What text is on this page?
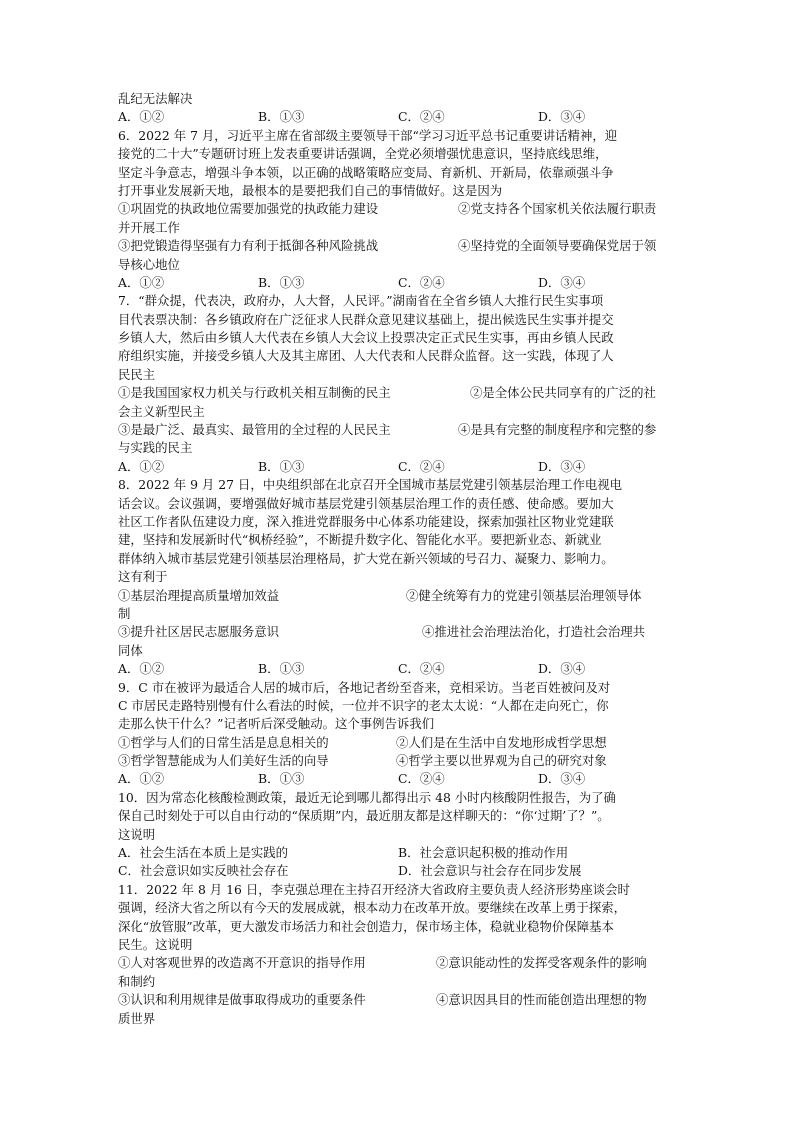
乱纪无法解决
A．①②	B．①③	C．②④	D．③④
6．2022 年 7 月，习近平主席在省部级主要领导干部“学习习近平总书记重要讲话精神，迎
接党的二十大”专题研讨班上发表重要讲话强调，全党必须增强忧患意识，坚持底线思维，
坚定斗争意志，增强斗争本领，以正确的战略策略应变局、育新机、开新局，依靠顽强斗争
打开事业发展新天地，最根本的是要把我们自己的事情做好。这是因为
①巩固党的执政地位需要加强党的执政能力建设	②党支持各个国家机关依法履行职责
并开展工作
③把党锻造得坚强有力有利于抵御各种风险挑战	④坚持党的全面领导要确保党居于领
导核心地位
A．①②	B．①③	C．②④	D．③④
7．“群众提，代表决，政府办，人大督，人民评。”湖南省在全省乡镇人大推行民生实事项
目代表票决制：各乡镇政府在广泛征求人民群众意见建议基础上，提出候选民生实事并提交
乡镇人大，然后由乡镇人大代表在乡镇人大会议上投票决定正式民生实事，再由乡镇人民政
府组织实施，并接受乡镇人大及其主席团、人大代表和人民群众监督。这一实践，体现了人
民民主
①是我国国家权力机关与行政机关相互制衡的民主	②是全体公民共同享有的广泛的社
会主义新型民主
③是最广泛、最真实、最管用的全过程的人民民主	④是具有完整的制度程序和完整的参
与实践的民主
A．①②	B．①③	C．②④	D．③④
8．2022 年 9 月 27 日，中央组织部在北京召开全国城市基层党建引领基层治理工作电视电
话会议。会议强调，要增强做好城市基层党建引领基层治理工作的责任感、使命感。要加大
社区工作者队伍建设力度，深入推进党群服务中心体系功能建设，探索加强社区物业党建联
建，坚持和发展新时代“枫桥经验”，不断提升数字化、智能化水平。要把新业态、新就业
群体纳入城市基层党建引领基层治理格局，扩大党在新兴领域的号召力、凝聚力、影响力。
这有利于
①基层治理提高质量增加效益	②健全统筹有力的党建引领基层治理领导体
制
③提升社区居民志愿服务意识	④推进社会治理法治化，打造社会治理共
同体
A．①②	B．①③	C．②④	D．③④
9．C 市在被评为最适合人居的城市后，各地记者纷至沓来，竞相采访。当老百姓被问及对
C 市居民走路特别慢有什么看法的时候，一位并不识字的老太太说：“人都在走向死亡，你
走那么快干什么？”记者听后深受触动。这个事例告诉我们
①哲学与人们的日常生活是息息相关的	②人们是在生活中自发地形成哲学思想
③哲学智慧能成为人们美好生活的向导	④哲学主要以世界观为自己的研究对象
A．①②	B．①③	C．②④	D．③④
10．因为常态化核酸检测政策，最近无论到哪儿都得出示 48 小时内核酸阴性报告，为了确
保自己时刻处于可以自由行动的“保质期”内，最近朋友都是这样聊天的：“你‘过期’了？”。
这说明
A．社会生活在本质上是实践的	B．社会意识起积极的推动作用
C．社会意识如实反映社会存在	D．社会意识与社会存在同步发展
11．2022 年 8 月 16 日，李克强总理在主持召开经济大省政府主要负责人经济形势座谈会时
强调，经济大省之所以有今天的发展成就，根本动力在改革开放。要继续在改革上勇于探索，
深化“放管服”改革，更大激发市场活力和社会创造力，保市场主体，稳就业稳物价保障基本
民生。这说明
①人对客观世界的改造离不开意识的指导作用	②意识能动性的发挥受客观条件的影响
和制约
③认识和利用规律是做事取得成功的重要条件	④意识因具目的性而能创造出理想的物
质世界
